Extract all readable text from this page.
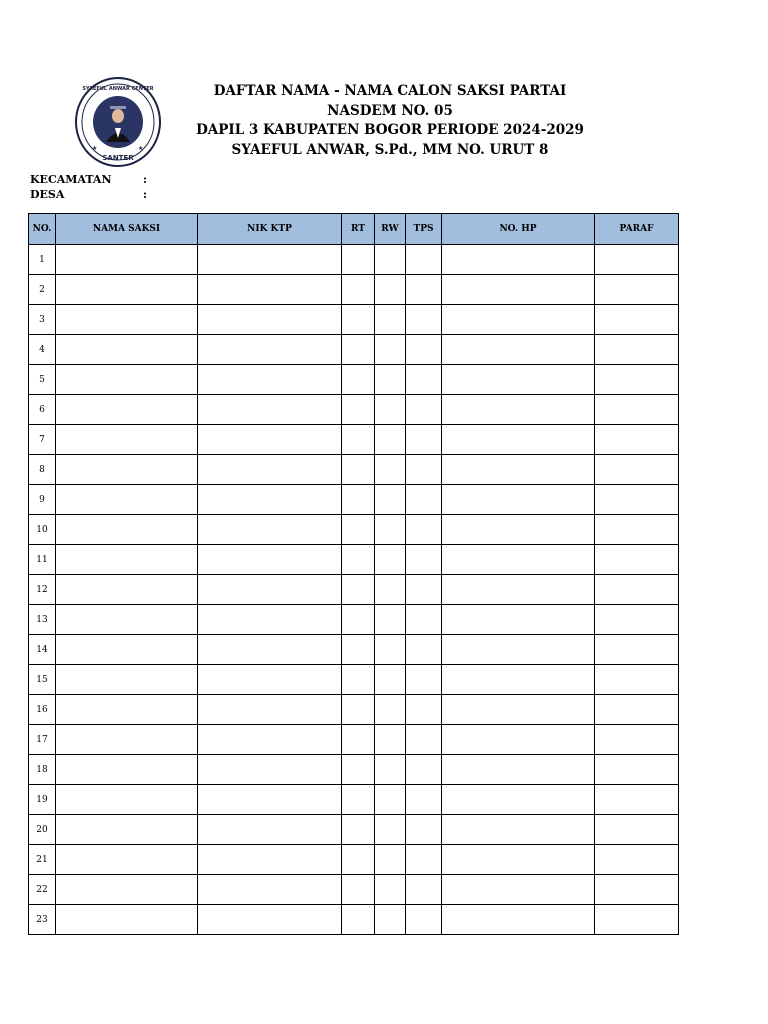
SYAEFUL ANWAR CENTER
SANTER
★	★
DAFTAR NAMA - NAMA CALON SAKSI PARTAI NASDEM NO. 05
DAPIL 3 KABUPATEN BOGOR PERIODE 2024-2029
SYAEFUL ANWAR, S.Pd., MM NO. URUT 8
KECAMATAN	:
DESA	:
NO.	NAMA SAKSI	NIK KTP	RT	RW	TPS	NO. HP	PARAF
1							
2							
3							
4							
5							
6							
7							
8							
9							
10							
11							
12							
13							
14							
15							
16							
17							
18							
19							
20							
21							
22							
23							
